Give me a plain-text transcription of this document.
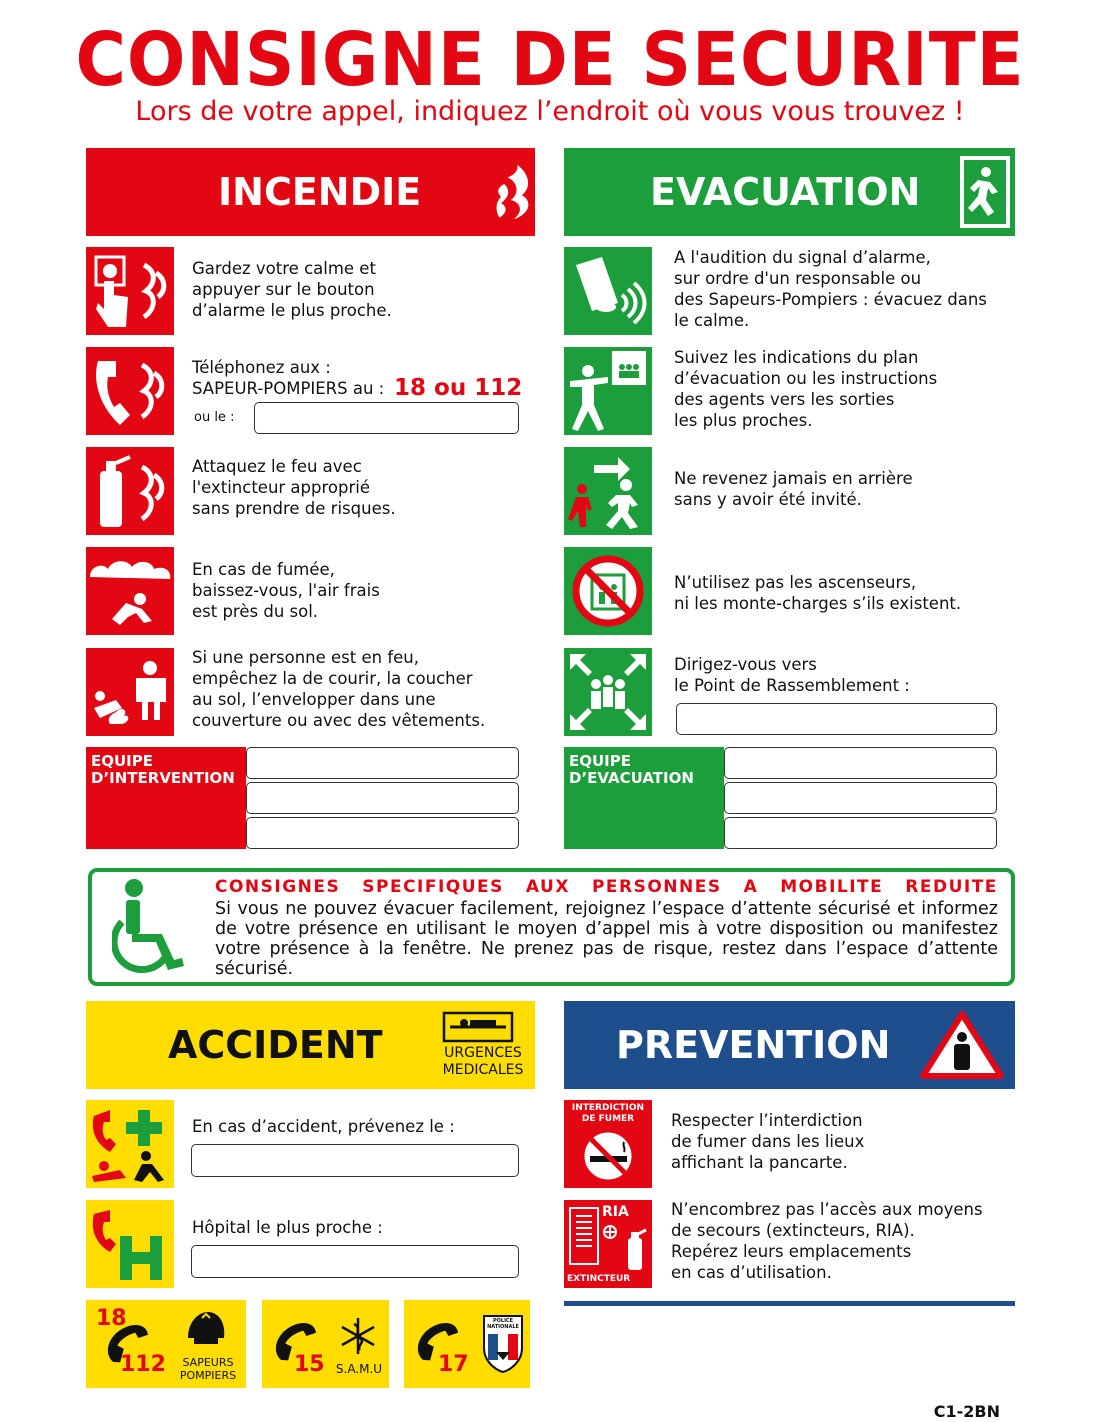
CONSIGNE DE SECURITE
Lors de votre appel, indiquez l’endroit où vous vous trouvez !
INCENDIE
Gardez votre calme et
appuyer sur le bouton
d’alarme le plus proche.
Téléphonez aux :
SAPEUR-POMPIERS au : 18 ou 112
ou le :
Attaquez le feu avec
l'extincteur approprié
sans prendre de risques.
En cas de fumée,
baissez-vous, l'air frais
est près du sol.
Si une personne est en feu,
empêchez la de courir, la coucher
au sol, l’envelopper dans une
couverture ou avec des vêtements.
EQUIPE
D’INTERVENTION
EVACUATION
A l'audition du signal d’alarme,
sur ordre d'un responsable ou
des Sapeurs-Pompiers : évacuez dans
le calme.
Suivez les indications du plan
d’évacuation ou les instructions
des agents vers les sorties
les plus proches.
Ne revenez jamais en arrière
sans y avoir été invité.
N’utilisez pas les ascenseurs,
ni les monte-charges s’ils existent.
Dirigez-vous vers
le Point de Rassemblement :
EQUIPE
D’EVACUATION
CONSIGNES SPECIFIQUES AUX PERSONNES A MOBILITE REDUITE
Si vous ne pouvez évacuer facilement, rejoignez l’espace d’attente sécurisé et informez de votre présence en utilisant le moyen d’appel mis à votre disposition ou manifestez votre présence à la fenêtre. Ne prenez pas de risque, restez dans l’espace d’attente sécurisé.
ACCIDENT	URGENCES
MEDICALES
En cas d’accident, prévenez le :
Hôpital le plus proche :
18
112	SAPEURS
POMPIERS	15 S.A.M.U	17
POLICE
NATIONALE
PREVENTION
INTERDICTION
DE FUMER	Respecter l’interdiction
de fumer dans les lieux
affichant la pancarte.
RIA
EXTINCTEUR
N’encombrez pas l’accès aux moyens
de secours (extincteurs, RIA).
Repérez leurs emplacements
en cas d’utilisation.
C1-2BN
